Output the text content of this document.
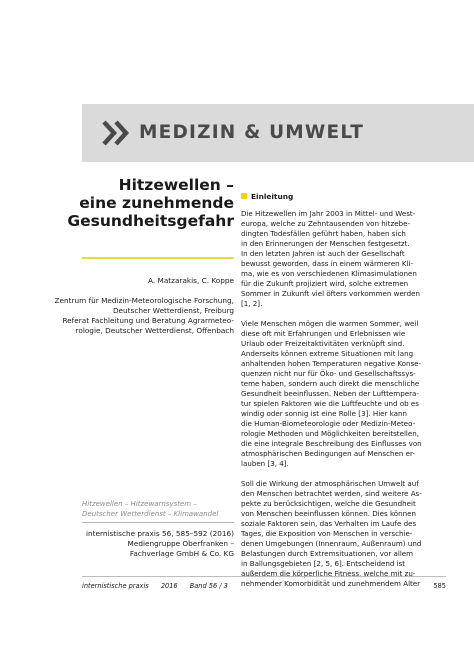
MEDIZIN & UMWELT
Hitzewellen –
eine zunehmende
Gesundheitsgefahr
A. Matzarakis, C. Koppe
Zentrum für Medizin-Meteorologische Forschung,
Deutscher Wetterdienst, Freiburg
Referat Fachleitung und Beratung Agrarmeteo-
rologie, Deutscher Wetterdienst, Offenbach
Hitzewellen – Hitzewarnsystem –
Deutscher Wetterdienst – Klimawandel
internistische praxis 56, 585–592 (2016)
Mediengruppe Oberfranken –
Fachverlage GmbH & Co. KG
Einleitung
Die Hitzewellen im Jahr 2003 in Mittel- und West-
europa, welche zu Zehntausenden von hitzebe-
dingten Todesfällen geführt haben, haben sich
in den Erinnerungen der Menschen festgesetzt.
In den letzten Jahren ist auch der Gesellschaft
bewusst geworden, dass in einem wärmeren Kli-
ma, wie es von verschiedenen Klimasimulationen
für die Zukunft projiziert wird, solche extremen
Sommer in Zukunft viel öfters vorkommen werden
[1, 2].
Viele Menschen mögen die warmen Sommer, weil
diese oft mit Erfahrungen und Erlebnissen wie
Urlaub oder Freizeitaktivitäten verknüpft sind.
Anderseits können extreme Situationen mit lang
anhaltenden hohen Temperaturen negative Konse-
quenzen nicht nur für Öko- und Gesellschaftssys-
teme haben, sondern auch direkt die menschliche
Gesundheit beeinflussen. Neben der Lufttempera-
tur spielen Faktoren wie die Luftfeuchte und ob es
windig oder sonnig ist eine Rolle [3]. Hier kann
die Human-Biometeorologie oder Medizin-Meteo-
rologie Methoden und Möglichkeiten bereitstellen,
die eine integrale Beschreibung des Einflusses von
atmosphärischen Bedingungen auf Menschen er-
lauben [3, 4].
Soll die Wirkung der atmosphärischen Umwelt auf
den Menschen betrachtet werden, sind weitere As-
pekte zu berücksichtigen, welche die Gesundheit
von Menschen beeinflussen können. Dies können
soziale Faktoren sein, das Verhalten im Laufe des
Tages, die Exposition von Menschen in verschie-
denen Umgebungen (Innenraum, Außenraum) und
Belastungen durch Extremsituationen, vor allem
in Ballungsgebieten [2, 5, 6]. Entscheidend ist
außerdem die körperliche Fitness, welche mit zu-
nehmender Komorbidität und zunehmendem Alter
internistische praxis 2016 Band 56 / 3	585
